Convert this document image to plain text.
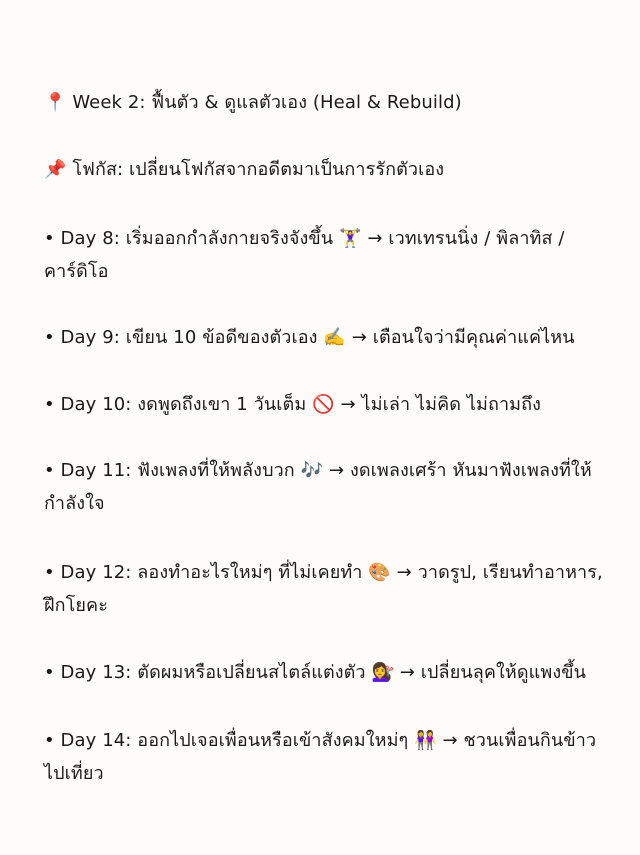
📍 Week 2: ฟื้นตัว & ดูแลตัวเอง (Heal & Rebuild)
📌 โฟกัส: เปลี่ยนโฟกัสจากอดีตมาเป็นการรักตัวเอง
• Day 8: เริ่มออกกำลังกายจริงจังขึ้น 🏋️‍♀️ → เวทเทรนนิ่ง / พิลาทิส / คาร์ดิโอ
• Day 9: เขียน 10 ข้อดีของตัวเอง ✍️ → เตือนใจว่ามีคุณค่าแค่ไหน
• Day 10: งดพูดถึงเขา 1 วันเต็ม 🚫 → ไม่เล่า ไม่คิด ไม่ถามถึง
• Day 11: ฟังเพลงที่ให้พลังบวก 🎶 → งดเพลงเศร้า หันมาฟังเพลงที่ให้กำลังใจ
• Day 12: ลองทำอะไรใหม่ๆ ที่ไม่เคยทำ 🎨 → วาดรูป, เรียนทำอาหาร, ฝึกโยคะ
• Day 13: ตัดผมหรือเปลี่ยนสไตล์แต่งตัว 💇‍♀️ → เปลี่ยนลุคให้ดูแพงขึ้น
• Day 14: ออกไปเจอเพื่อนหรือเข้าสังคมใหม่ๆ 👭 → ชวนเพื่อนกินข้าวไปเที่ยว
